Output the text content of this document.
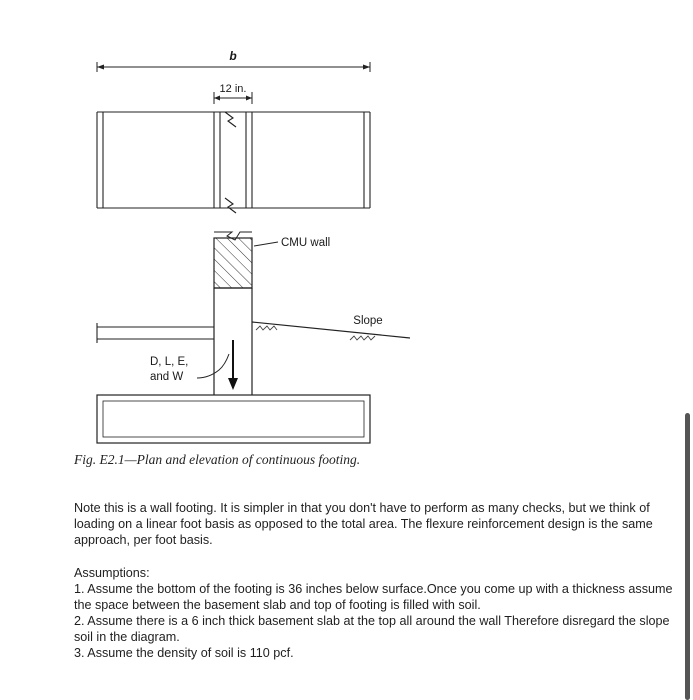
b
12 in.
CMU wall
Slope
D, L, E,
and W
Fig. E2.1—Plan and elevation of continuous footing.

Note this is a wall footing. It is simpler in that you don't have to perform as many checks, but we think of loading on a linear foot basis as opposed to the total area. The flexure reinforcement design is the same approach, per foot basis.

Assumptions:

1. Assume the bottom of the footing is 36 inches below surface.Once you come up with a thickness assume the space between the basement slab and top of footing is filled with soil.

2. Assume there is a 6 inch thick basement slab at the top all around the wall Therefore disregard the slope soil in the diagram.

3. Assume the density of soil is 110 pcf.
